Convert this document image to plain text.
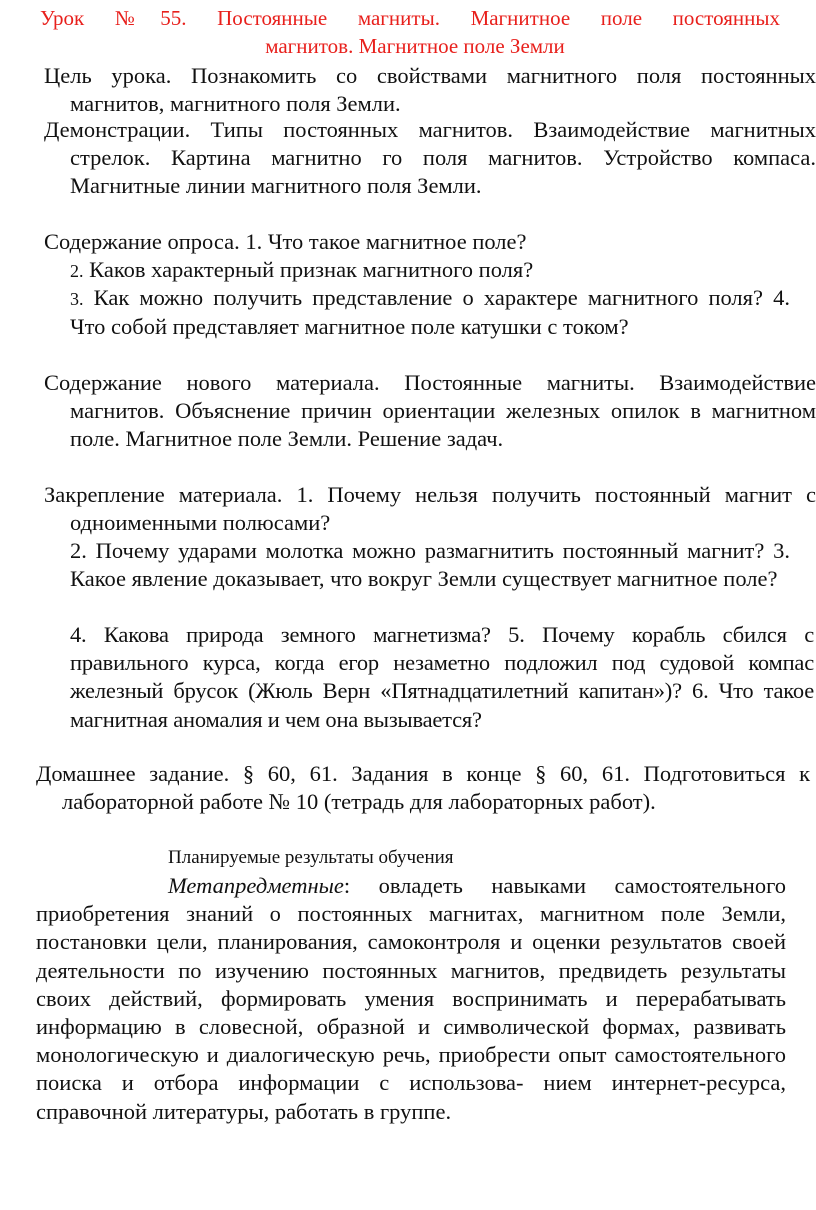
Урок №55. Постоянные магниты. Магнитное поле постоянных
магнитов. Магнитное поле Земли

Цель урока. Познакомить со свойствами магнитного поля постоянных магнитов, магнитного поля Земли.

Демонстрации. Типы постоянных магнитов. Взаимодействие магнитных стрелок. Картина магнитно го поля магнитов. Устройство компаса. Магнитные линии магнитного поля Земли.

Содержание опроса. 1. Что такое магнитное поле?

2. Каков характерный признак магнитного поля?

3. Как можно получить представление о характере магнитного поля? 4. Что собой представляет магнитное поле катушки с током?

Содержание нового материала. Постоянные магниты. Взаимодействие магнитов. Объяснение причин ориентации железных опилок в магнитном поле. Магнитное поле Земли. Решение задач.

Закрепление материала. 1. Почему нельзя получить постоянный магнит с одноименными полюсами?

2. Почему ударами молотка можно размагнитить постоянный магнит? 3. Какое явление доказывает, что вокруг Земли существует магнитное поле?

4. Какова природа земного магнетизма? 5. Почему корабль сбился с правильного курса, когда егор незаметно подложил под судовой компас железный брусок (Жюль Верн «Пятнадцатилетний капитан»)? 6. Что такое магнитная аномалия и чем она вызывается?

Домашнее задание. § 60, 61. Задания в конце § 60, 61. Подготовиться к лабораторной работе № 10 (тетрадь для лабораторных работ).

Планируемые результаты обучения

Метапредметные: овладеть навыками самостоятельного приобретения знаний о постоянных магнитах, магнитном поле Земли, постановки цели, планирования, самоконтроля и оценки результатов своей деятельности по изучению постоянных магнитов, предвидеть результаты своих действий, формировать умения воспринимать и перерабатывать информацию в словесной, образной и символической формах, развивать монологическую и диалогическую речь, приобрести опыт самостоятельного поиска и отбора информации с использова- нием интернет-ресурса, справочной литературы, работать в группе.
